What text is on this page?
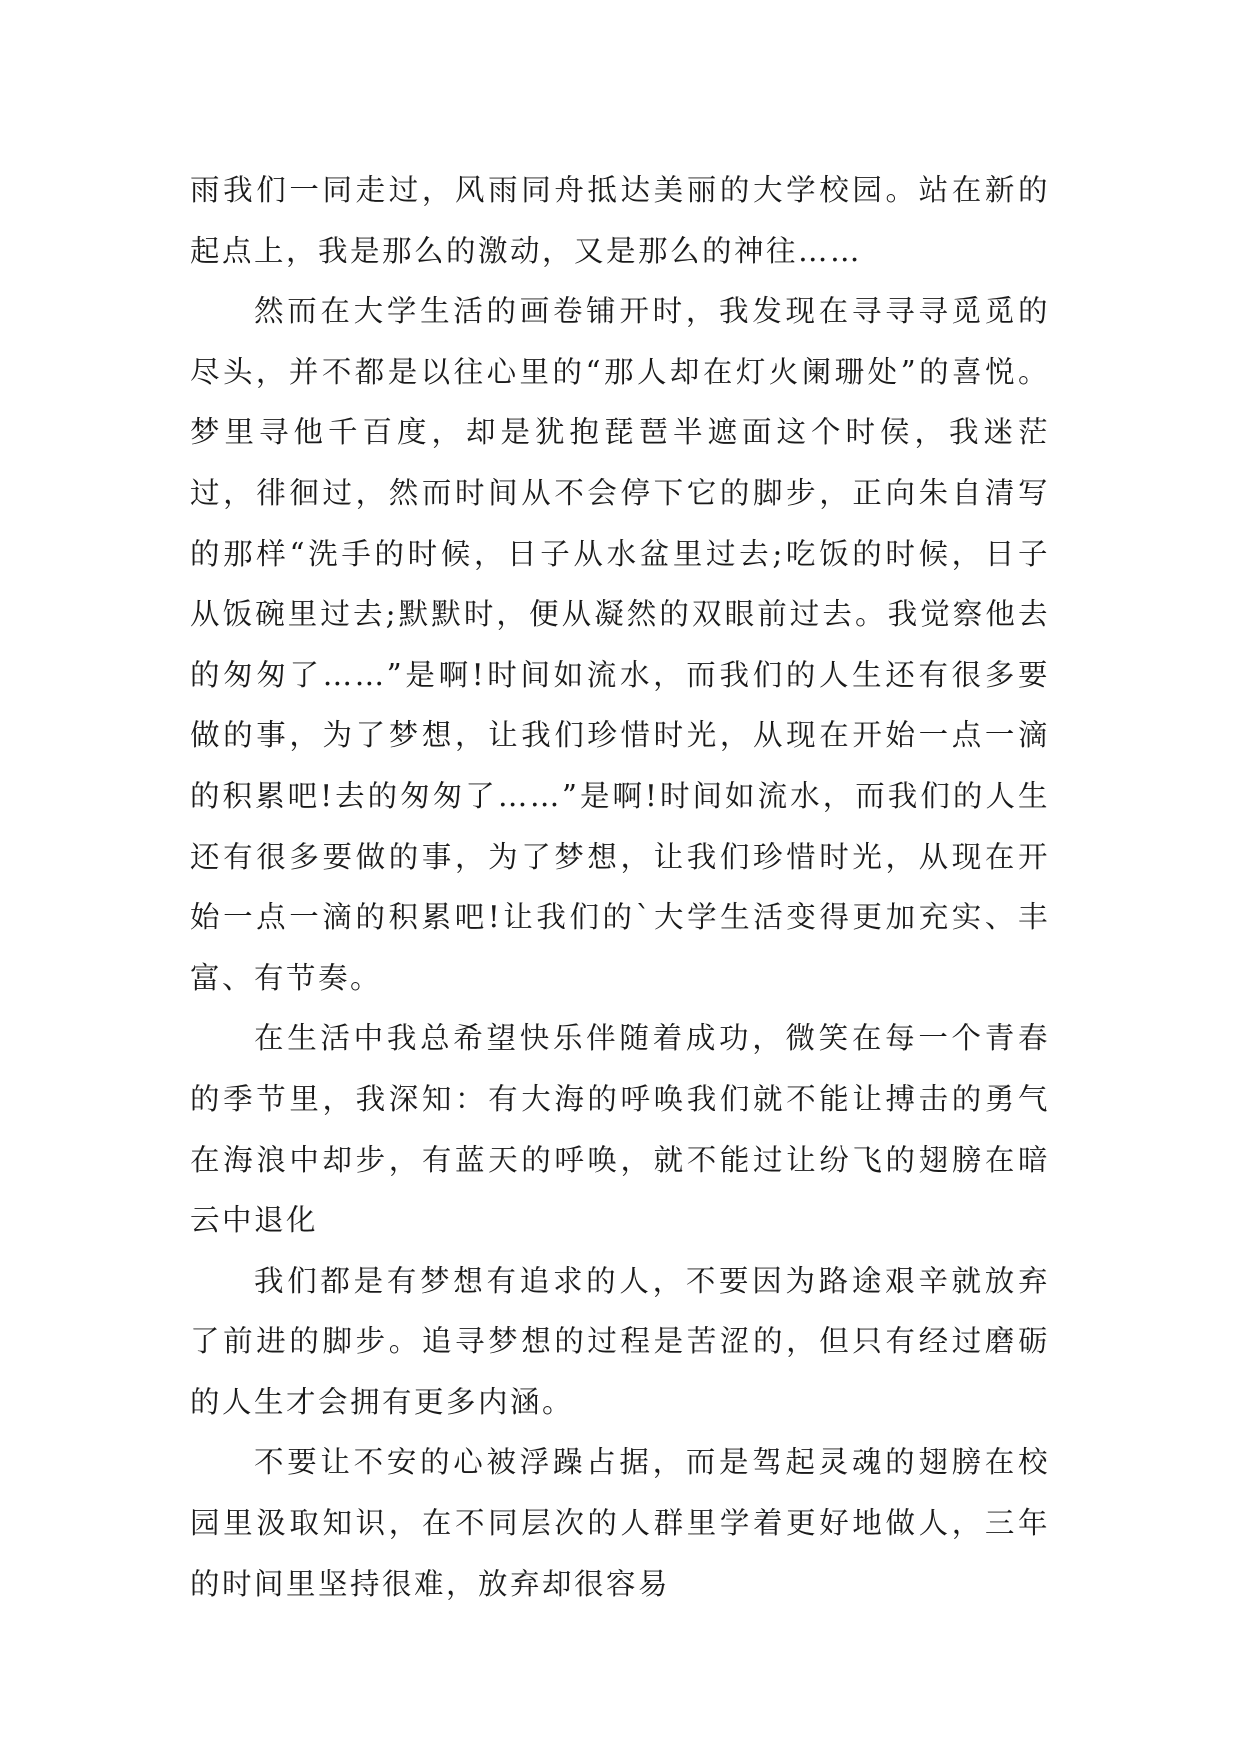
雨我们一同走过，风雨同舟抵达美丽的大学校园。站在新的起点上，我是那么的激动，又是那么的神往……

然而在大学生活的画卷铺开时，我发现在寻寻寻觅觅的尽头，并不都是以往心里的“那人却在灯火阑珊处”的喜悦。梦里寻他千百度，却是犹抱琵琶半遮面这个时侯，我迷茫过，徘徊过，然而时间从不会停下它的脚步，正向朱自清写的那样“洗手的时候，日子从水盆里过去;吃饭的时候，日子从饭碗里过去;默默时，便从凝然的双眼前过去。我觉察他去的匆匆了……”是啊!时间如流水，而我们的人生还有很多要做的事，为了梦想，让我们珍惜时光，从现在开始一点一滴的积累吧!去的匆匆了……”是啊!时间如流水，而我们的人生还有很多要做的事，为了梦想，让我们珍惜时光，从现在开始一点一滴的积累吧!让我们的`大学生活变得更加充实、丰富、有节奏。

在生活中我总希望快乐伴随着成功，微笑在每一个青春的季节里，我深知：有大海的呼唤我们就不能让搏击的勇气在海浪中却步，有蓝天的呼唤，就不能过让纷飞的翅膀在暗云中退化

我们都是有梦想有追求的人，不要因为路途艰辛就放弃了前进的脚步。追寻梦想的过程是苦涩的，但只有经过磨砺的人生才会拥有更多内涵。

不要让不安的心被浮躁占据，而是驾起灵魂的翅膀在校园里汲取知识，在不同层次的人群里学着更好地做人，三年的时间里坚持很难，放弃却很容易
